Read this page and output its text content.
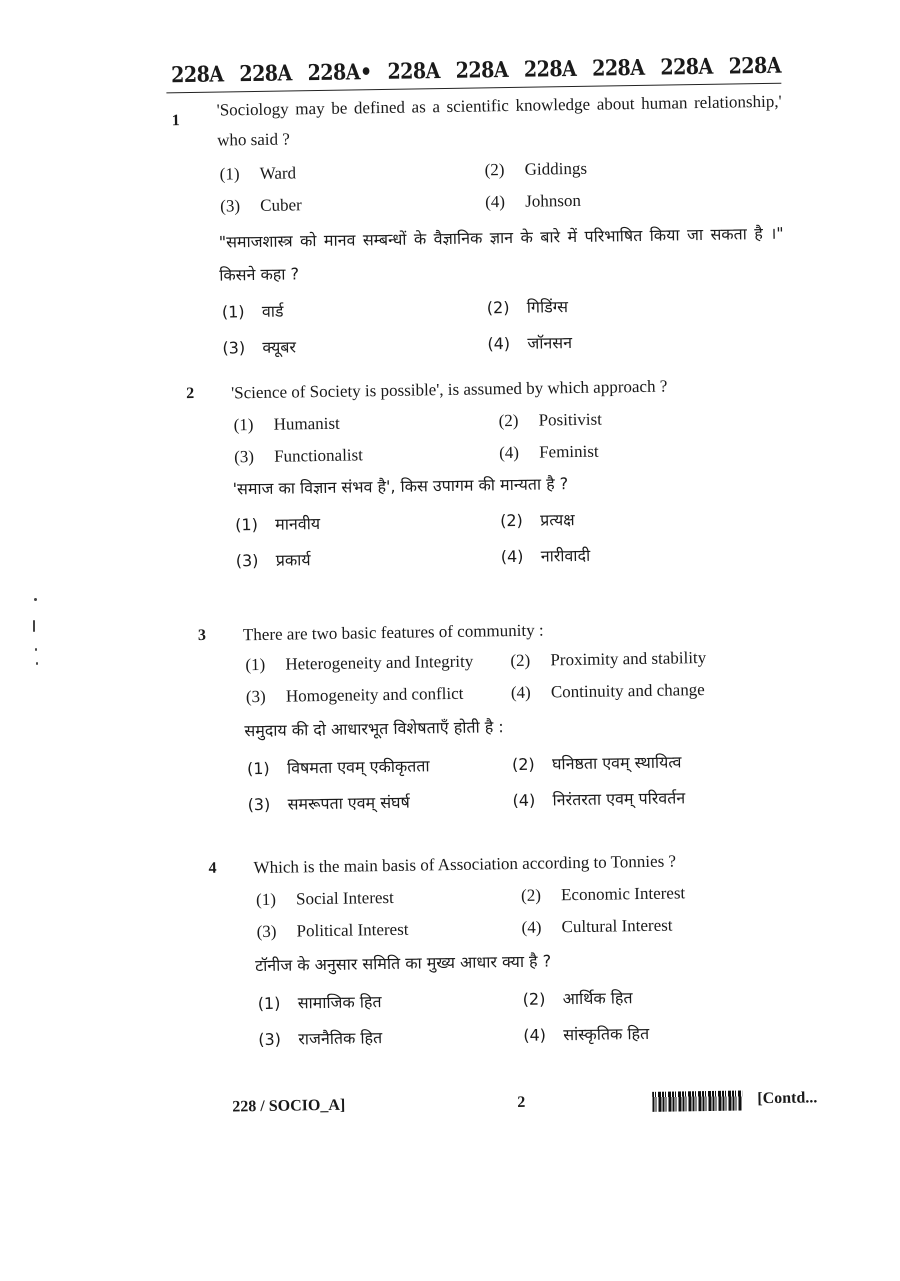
228A 228A 228A• 228A 228A 228A 228A 228A 228A
1
'Sociology may be defined as a scientific knowledge about human relationship,' who said ?
(1) Ward	(2) Giddings
(3) Cuber	(4) Johnson
"समाजशास्त्र को मानव सम्बन्धों के वैज्ञानिक ज्ञान के बारे में परिभाषित किया जा सकता है ।" किसने कहा ?
(1) वार्ड	(2) गिडिंग्स
(3) क्यूबर	(4) जॉनसन
2 'Science of Society is possible', is assumed by which approach ?
(1) Humanist	(2) Positivist
(3) Functionalist	(4) Feminist
'समाज का विज्ञान संभव है', किस उपागम की मान्यता है ?
(1) मानवीय	(2) प्रत्यक्ष
(3) प्रकार्य	(4) नारीवादी
3 There are two basic features of community :
(1) Heterogeneity and Integrity	(2) Proximity and stability
(3) Homogeneity and conflict	(4) Continuity and change
समुदाय की दो आधारभूत विशेषताएँ होती है :
(1) विषमता एवम् एकीकृतता	(2) घनिष्ठता एवम् स्थायित्व
(3) समरूपता एवम् संघर्ष	(4) निरंतरता एवम् परिवर्तन
4 Which is the main basis of Association according to Tonnies ?
(1) Social Interest	(2) Economic Interest
(3) Political Interest	(4) Cultural Interest
टॉनीज के अनुसार समिति का मुख्य आधार क्या है ?
(1) सामाजिक हित	(2) आर्थिक हित
(3) राजनैतिक हित	(4) सांस्कृतिक हित
228 / SOCIO_A]	2	[Contd...
